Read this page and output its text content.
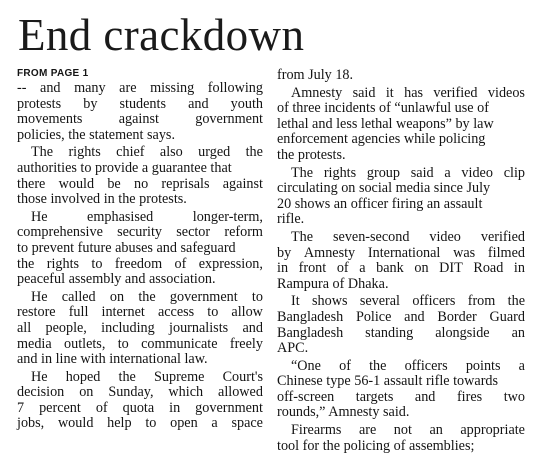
End crackdown
FROM PAGE 1
-- and many are missing following
protests by students and youth
movements	against	government
policies, the statement says.
The rights chief also urged the
authorities to provide a guarantee that
there would be no reprisals against
those involved in the protests.
He	emphasised	longer-term,
comprehensive security sector reform
to prevent future abuses and safeguard
the rights to freedom of expression,
peaceful assembly and association.
He called on the government to
restore full internet access to allow
all people, including journalists and
media outlets, to communicate freely
and in line with international law.
He hoped the Supreme Court's
decision on Sunday, which allowed
7 percent of quota in government
jobs, would help to open a space
from July 18.
Amnesty said it has verified videos
of three incidents of “unlawful use of
lethal and less lethal weapons” by law
enforcement agencies while policing
the protests.
The rights group said a video clip
circulating on social media since July
20 shows an officer firing an assault
rifle.
The seven-second video verified
by Amnesty International was filmed
in front of a bank on DIT Road in
Rampura of Dhaka.
It shows several officers from the
Bangladesh Police and Border Guard
Bangladesh standing alongside an
APC.
“One of the officers points a
Chinese type 56-1 assault rifle towards
off-screen targets and fires two
rounds,” Amnesty said.
Firearms are not an appropriate
tool for the policing of assemblies;
